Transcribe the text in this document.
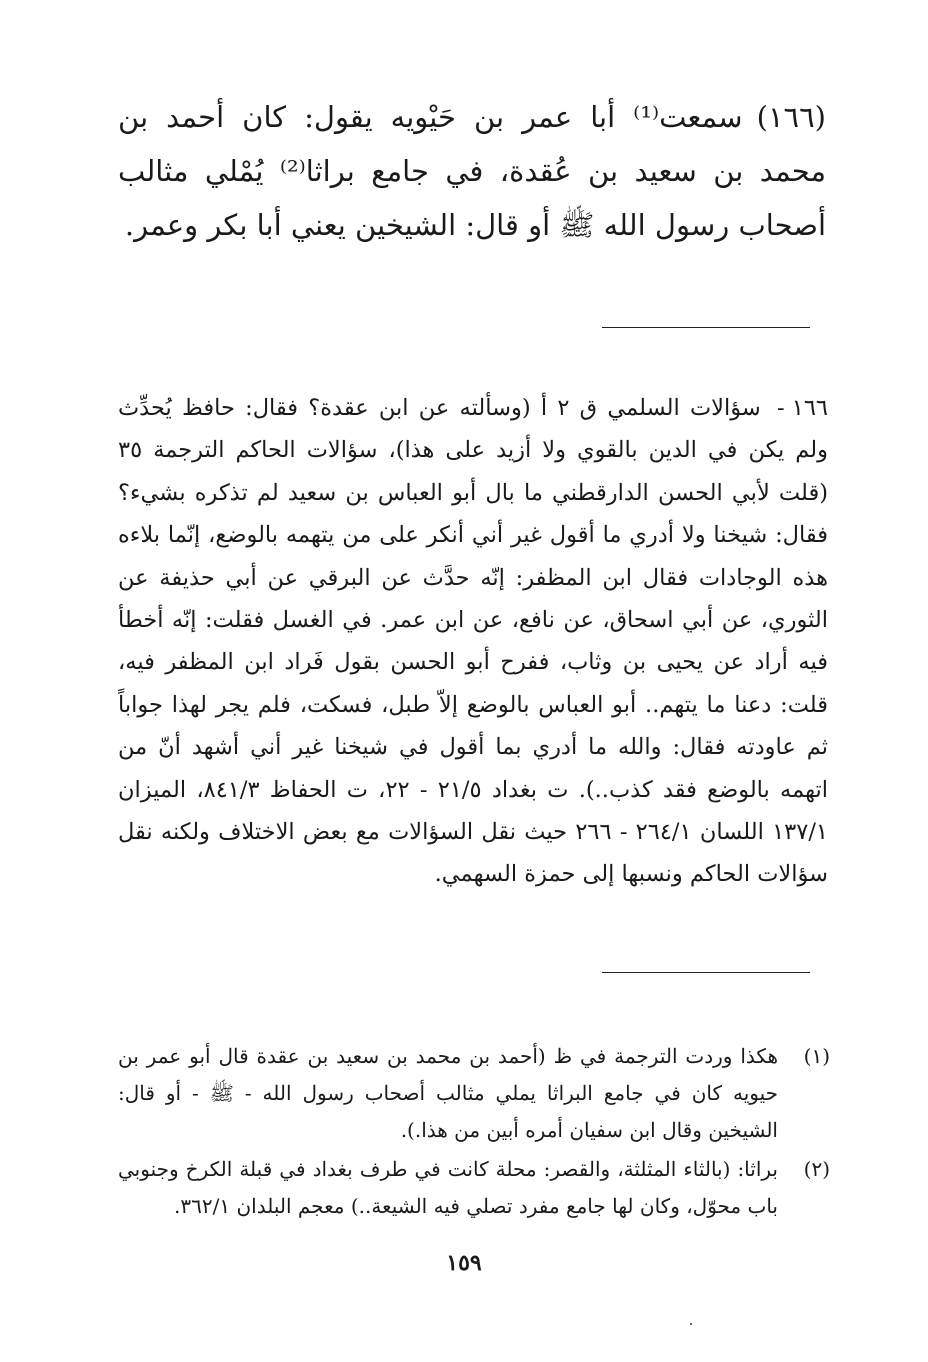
(١٦٦)سمعت⁽¹⁾ أبا عمر بن حَيْويه يقول: كان أحمد بن محمد بن سعيد بن عُقدة، في جامع براثا⁽²⁾ يُمْلي مثالب أصحاب رسول الله ﷺ أو قال: الشيخين يعني أبا بكر وعمر.
١٦٦ - سؤالات السلمي ق ٢ أ (وسألته عن ابن عقدة؟ فقال: حافظ يُحدِّث ولم يكن في الدين بالقوي ولا أزيد على هذا)، سؤالات الحاكم الترجمة ٣٥ (قلت لأبي الحسن الدارقطني ما بال أبو العباس بن سعيد لم تذكره بشيء؟ فقال: شيخنا ولا أدري ما أقول غير أني أنكر على من يتهمه بالوضع، إنّما بلاءه هذه الوجادات فقال ابن المظفر: إنّه حدَّث عن البرقي عن أبي حذيفة عن الثوري، عن أبي اسحاق، عن نافع، عن ابن عمر. في الغسل فقلت: إنّه أخطأ فيه أراد عن يحيى بن وثاب، ففرح أبو الحسن بقول فَراد ابن المظفر فيه، قلت: دعنا ما يتهم.. أبو العباس بالوضع إلاّ طبل، فسكت، فلم يجر لهذا جواباً ثم عاودته فقال: والله ما أدري بما أقول في شيخنا غير أني أشهد أنّ من اتهمه بالوضع فقد كذب..). ت بغداد ٢١/٥ - ٢٢، ت الحفاظ ٨٤١/٣، الميزان ١٣٧/١ اللسان ٢٦٤/١ - ٢٦٦ حيث نقل السؤالات مع بعض الاختلاف ولكنه نقل سؤالات الحاكم ونسبها إلى حمزة السهمي.
(١)
هكذا وردت الترجمة في ظ (أحمد بن محمد بن سعيد بن عقدة قال أبو عمر بن حيويه كان في جامع البراثا يملي مثالب أصحاب رسول الله - ﷺ - أو قال: الشيخين وقال ابن سفيان أمره أبين من هذا.).
(٢)
براثا: (بالثاء المثلثة، والقصر: محلة كانت في طرف بغداد في قبلة الكرخ وجنوبي باب محوّل، وكان لها جامع مفرد تصلي فيه الشيعة..) معجم البلدان ٣٦٢/١.
١٥٩
